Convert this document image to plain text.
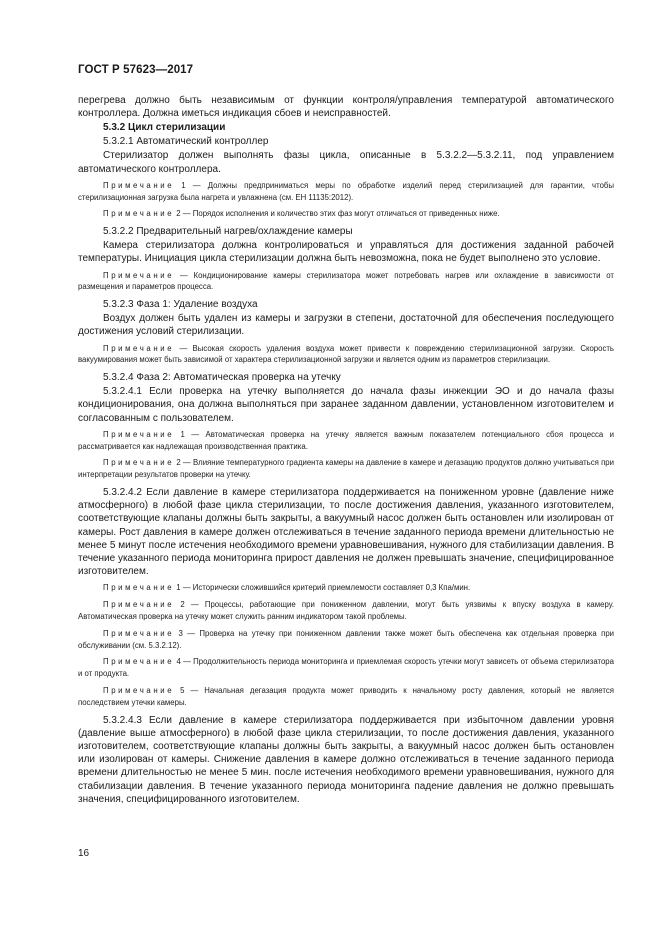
ГОСТ Р 57623—2017

перегрева должно быть независимым от функции контроля/управления температурой автоматического контроллера. Должна иметься индикация сбоев и неисправностей.

5.3.2 Цикл стерилизации

5.3.2.1 Автоматический контроллер

Стерилизатор должен выполнять фазы цикла, описанные в 5.3.2.2—5.3.2.11, под управлением автоматического контроллера.

Примечание 1 — Должны предприниматься меры по обработке изделий перед стерилизацией для гарантии, чтобы стерилизационная загрузка была нагрета и увлажнена (см. ЕН 11135:2012).

Примечание 2 — Порядок исполнения и количество этих фаз могут отличаться от приведенных ниже.

5.3.2.2 Предварительный нагрев/охлаждение камеры

Камера стерилизатора должна контролироваться и управляться для достижения заданной рабочей температуры. Инициация цикла стерилизации должна быть невозможна, пока не будет выполнено это условие.

Примечание — Кондиционирование камеры стерилизатора может потребовать нагрев или охлаждение в зависимости от размещения и параметров процесса.

5.3.2.3 Фаза 1: Удаление воздуха

Воздух должен быть удален из камеры и загрузки в степени, достаточной для обеспечения последующего достижения условий стерилизации.

Примечание — Высокая скорость удаления воздуха может привести к повреждению стерилизационной загрузки. Скорость вакуумирования может быть зависимой от характера стерилизационной загрузки и является одним из параметров стерилизации.

5.3.2.4 Фаза 2: Автоматическая проверка на утечку

5.3.2.4.1 Если проверка на утечку выполняется до начала фазы инжекции ЭО и до начала фазы кондиционирования, она должна выполняться при заранее заданном давлении, установленном изготовителем и согласованным с пользователем.

Примечание 1 — Автоматическая проверка на утечку является важным показателем потенциального сбоя процесса и рассматривается как надлежащая производственная практика.

Примечание 2 — Влияние температурного градиента камеры на давление в камере и дегазацию продуктов должно учитываться при интерпретации результатов проверки на утечку.

5.3.2.4.2 Если давление в камере стерилизатора поддерживается на пониженном уровне (давление ниже атмосферного) в любой фазе цикла стерилизации, то после достижения давления, указанного изготовителем, соответствующие клапаны должны быть закрыты, а вакуумный насос должен быть остановлен или изолирован от камеры. Рост давления в камере должен отслеживаться в течение заданного периода времени длительностью не менее 5 минут после истечения необходимого времени уравновешивания, нужного для стабилизации давления. В течение указанного периода мониторинга прирост давления не должен превышать значение, специфицированное изготовителем.

Примечание 1 — Исторически сложившийся критерий приемлемости составляет 0,3 Кпа/мин.

Примечание 2 — Процессы, работающие при пониженном давлении, могут быть уязвимы к впуску воздуха в камеру. Автоматическая проверка на утечку может служить ранним индикатором такой проблемы.

Примечание 3 — Проверка на утечку при пониженном давлении также может быть обеспечена как отдельная проверка при обслуживании (см. 5.3.2.12).

Примечание 4 — Продолжительность периода мониторинга и приемлемая скорость утечки могут зависеть от объема стерилизатора и от продукта.

Примечание 5 — Начальная дегазация продукта может приводить к начальному росту давления, который не является последствием утечки камеры.

5.3.2.4.3 Если давление в камере стерилизатора поддерживается при избыточном давлении уровня (давление выше атмосферного) в любой фазе цикла стерилизации, то после достижения давления, указанного изготовителем, соответствующие клапаны должны быть закрыты, а вакуумный насос должен быть остановлен или изолирован от камеры. Снижение давления в камере должно отслеживаться в течение заданного периода времени длительностью не менее 5 мин. после истечения необходимого времени уравновешивания, нужного для стабилизации давления. В течение указанного периода мониторинга падение давления не должно превышать значения, специфицированного изготовителем.

16
